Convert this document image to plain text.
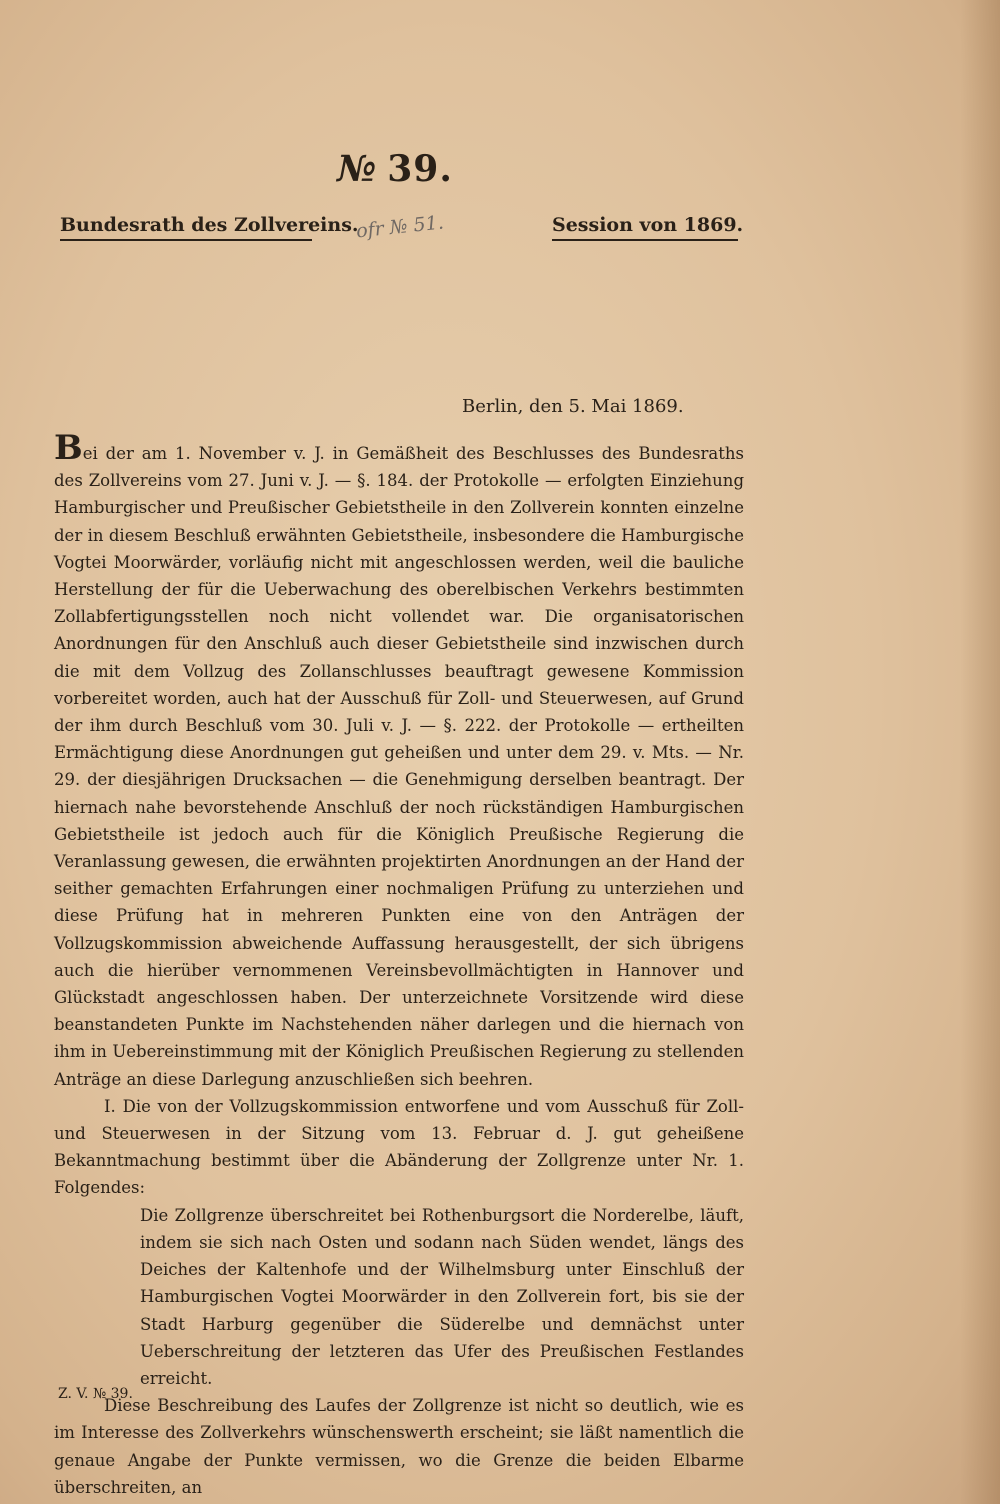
№ 39.
Bundesrath des Zollvereins.
ofr № 51.	Session von 1869.
Berlin, den 5. Mai 1869.

Bei der am 1. November v. J. in Gemäßheit des Beschlusses des Bundesraths des Zollvereins vom 27. Juni v. J. — §. 184. der Protokolle — erfolgten Einziehung Hamburgischer und Preußischer Gebietstheile in den Zollverein konnten einzelne der in diesem Beschluß erwähnten Gebietstheile, insbesondere die Hamburgische Vogtei Moorwärder, vorläufig nicht mit angeschlossen werden, weil die bauliche Herstellung der für die Ueberwachung des oberelbischen Verkehrs bestimmten Zollabfertigungsstellen noch nicht vollendet war. Die organisatorischen Anordnungen für den Anschluß auch dieser Gebietstheile sind inzwischen durch die mit dem Vollzug des Zollanschlusses beauftragt gewesene Kommission vorbereitet worden, auch hat der Ausschuß für Zoll- und Steuerwesen, auf Grund der ihm durch Beschluß vom 30. Juli v. J. — §. 222. der Protokolle — ertheilten Ermächtigung diese Anordnungen gut geheißen und unter dem 29. v. Mts. — Nr. 29. der diesjährigen Drucksachen — die Genehmigung derselben beantragt. Der hiernach nahe bevorstehende Anschluß der noch rückständigen Hamburgischen Gebietstheile ist jedoch auch für die Königlich Preußische Regierung die Veranlassung gewesen, die erwähnten projektirten Anordnungen an der Hand der seither gemachten Erfahrungen einer nochmaligen Prüfung zu unterziehen und diese Prüfung hat in mehreren Punkten eine von den Anträgen der Vollzugskommission abweichende Auffassung herausgestellt, der sich übrigens auch die hierüber vernommenen Vereinsbevollmächtigten in Hannover und Glückstadt angeschlossen haben. Der unterzeichnete Vorsitzende wird diese beanstandeten Punkte im Nachstehenden näher darlegen und die hiernach von ihm in Uebereinstimmung mit der Königlich Preußischen Regierung zu stellenden Anträge an diese Darlegung anzuschließen sich beehren.

I. Die von der Vollzugskommission entworfene und vom Ausschuß für Zoll- und Steuerwesen in der Sitzung vom 13. Februar d. J. gut geheißene Bekanntmachung bestimmt über die Abänderung der Zollgrenze unter Nr. 1. Folgendes:

Die Zollgrenze überschreitet bei Rothenburgsort die Norderelbe, läuft, indem sie sich nach Osten und sodann nach Süden wendet, längs des Deiches der Kaltenhofe und der Wilhelmsburg unter Einschluß der Hamburgischen Vogtei Moorwärder in den Zollverein fort, bis sie der Stadt Harburg gegenüber die Süderelbe und demnächst unter Ueberschreitung der letzteren das Ufer des Preußischen Festlandes erreicht.

Diese Beschreibung des Laufes der Zollgrenze ist nicht so deutlich, wie es im Interesse des Zollverkehrs wünschenswerth erscheint; sie läßt namentlich die genaue Angabe der Punkte vermissen, wo die Grenze die beiden Elbarme überschreiten, an

Z. V. № 39.
